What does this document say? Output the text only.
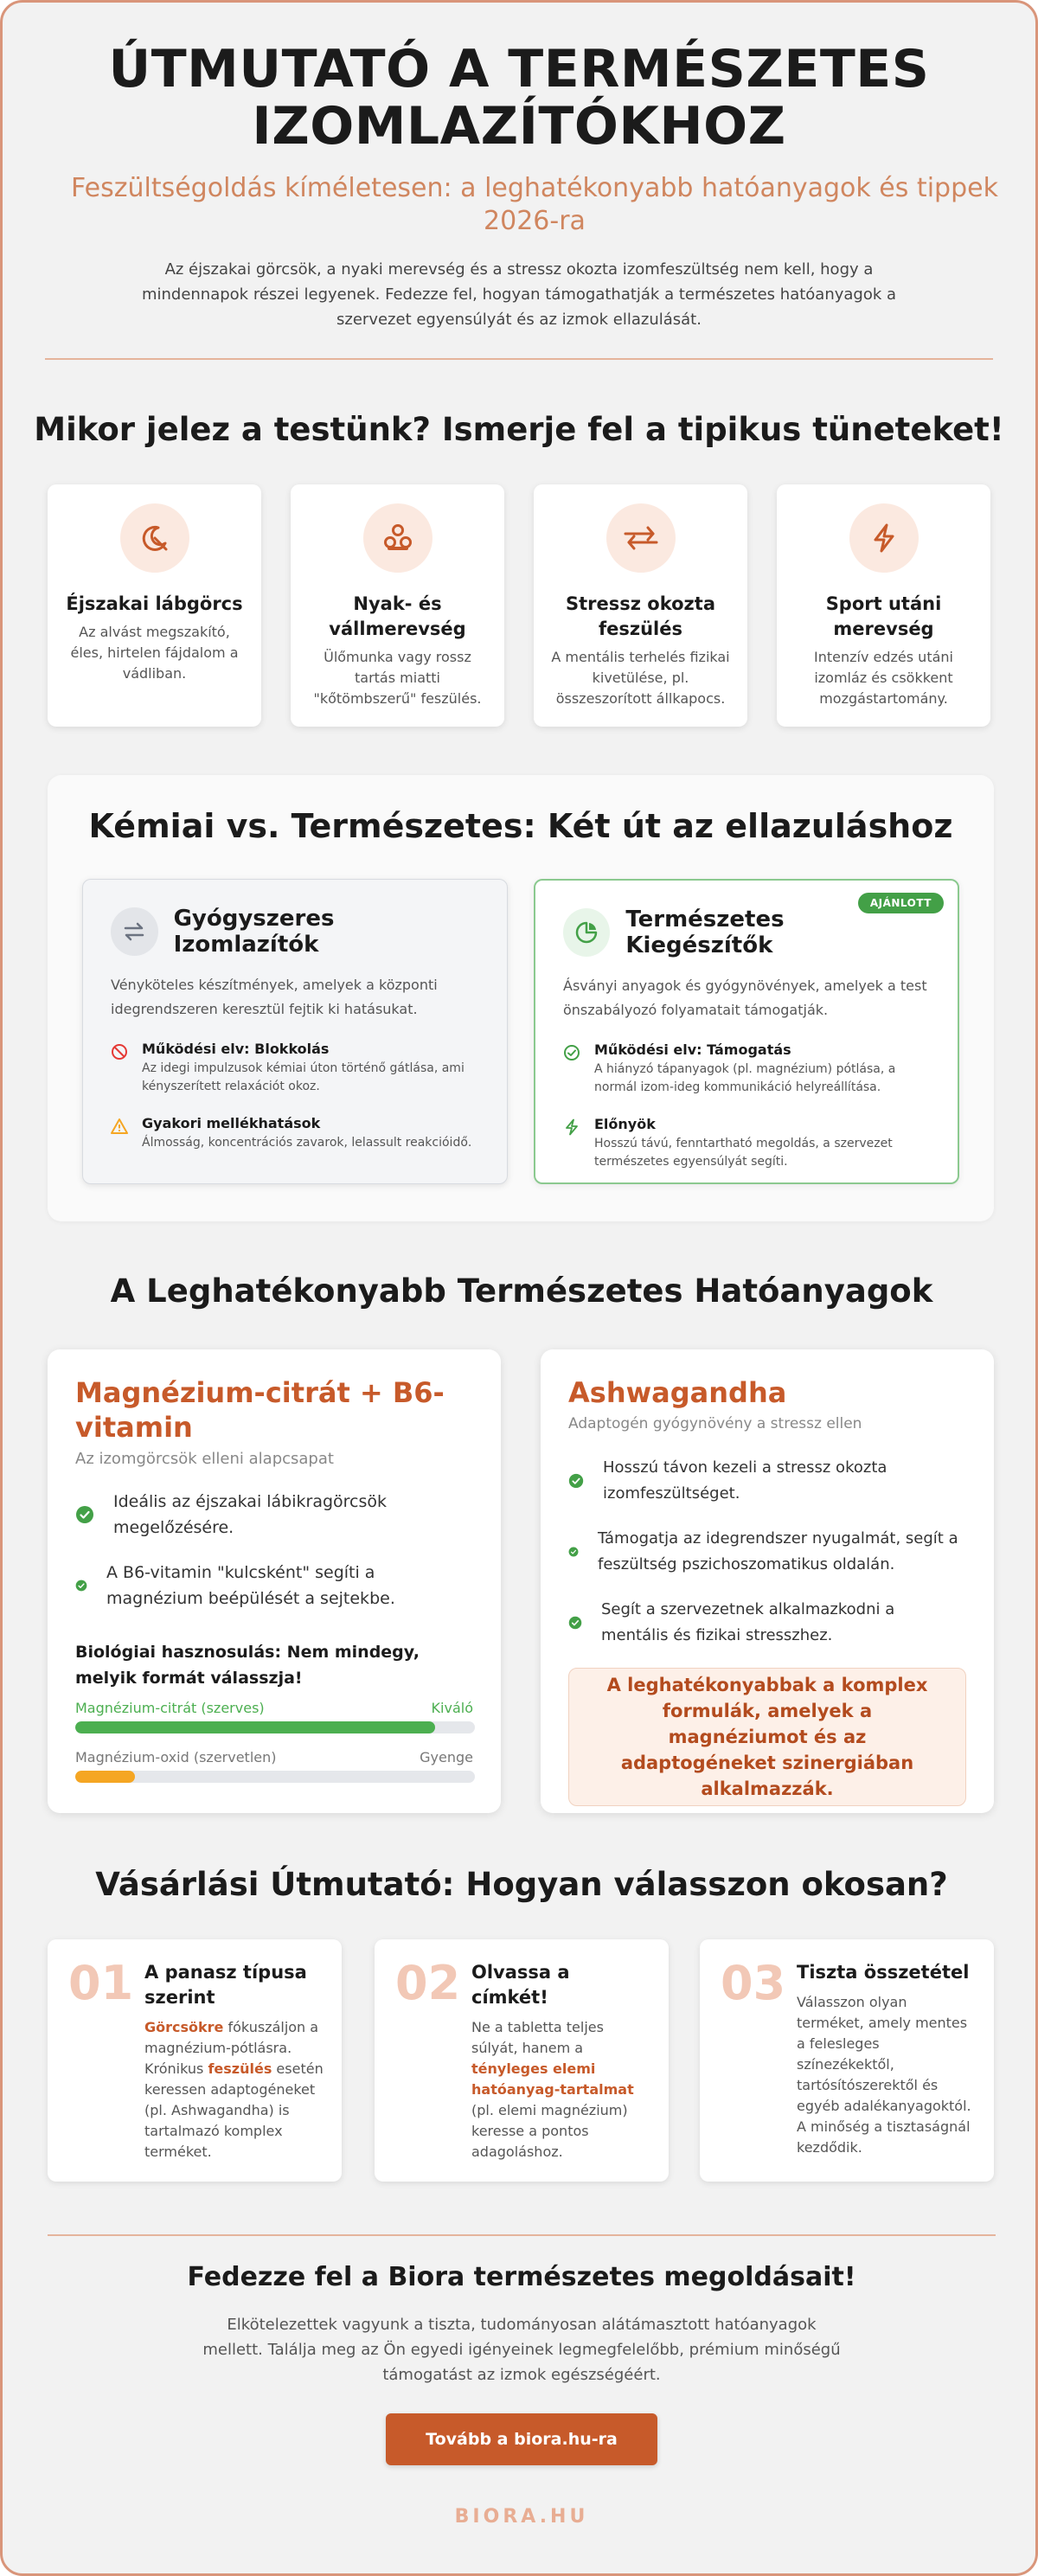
ÚTMUTATÓ A TERMÉSZETES IZOMLAZÍTÓKHOZ
Feszültségoldás kíméletesen: a leghatékonyabb hatóanyagok és tippek 2026-ra

Az éjszakai görcsök, a nyaki merevség és a stressz okozta izomfeszültség nem kell, hogy a mindennapok részei legyenek. Fedezze fel, hogyan támogathatják a természetes hatóanyagok a szervezet egyensúlyát és az izmok ellazulását.

Mikor jelez a testünk? Ismerje fel a tipikus tüneteket!
Éjszakai lábgörcs

Az alvást megszakító, éles, hirtelen fájdalom a vádliban.

Nyak- és vállmerevség

Ülőmunka vagy rossz tartás miatti "kőtömbszerű" feszülés.

Stressz okozta feszülés

A mentális terhelés fizikai kivetülése, pl. összeszorított állkapocs.

Sport utáni merevség

Intenzív edzés utáni izomláz és csökkent mozgástartomány.

Kémiai vs. Természetes: Két út az ellazuláshoz
Gyógyszeres Izomlazítók

Vényköteles készítmények, amelyek a központi idegrendszeren keresztül fejtik ki hatásukat.

Működési elv: Blokkolás

Az idegi impulzusok kémiai úton történő gátlása, ami kényszerített relaxációt okoz.

Gyakori mellékhatások

Álmosság, koncentrációs zavarok, lelassult reakcióidő.

AJÁNLOTT
Természetes Kiegészítők

Ásványi anyagok és gyógynövények, amelyek a test önszabályozó folyamatait támogatják.

Működési elv: Támogatás

A hiányzó tápanyagok (pl. magnézium) pótlása, a normál izom-ideg kommunikáció helyreállítása.

Előnyök

Hosszú távú, fenntartható megoldás, a szervezet természetes egyensúlyát segíti.

A Leghatékonyabb Természetes Hatóanyagok
Magnézium-citrát + B6-vitamin
Az izomgörcsök elleni alapcsapat
Ideális az éjszakai lábikragörcsök megelőzésére.
A B6-vitamin "kulcsként" segíti a magnézium beépülését a sejtekbe.
Biológiai hasznosulás: Nem mindegy, melyik formát válasszja!
Magnézium-citrát (szerves)	Kiváló
Magnézium-oxid (szervetlen)	Gyenge
Ashwagandha
Adaptogén gyógynövény a stressz ellen
Hosszú távon kezeli a stressz okozta izomfeszültséget.
Támogatja az idegrendszer nyugalmát, segít a feszültség pszichoszomatikus oldalán.
Segít a szervezetnek alkalmazkodni a mentális és fizikai stresszhez.
A leghatékonyabbak a komplex formulák, amelyek a magnéziumot és az adaptogéneket szinergiában alkalmazzák.
Vásárlási Útmutató: Hogyan válasszon okosan?
01 A panasz típusa szerint

Görcsökre fókuszáljon a magnézium-pótlásra. Krónikus feszülés esetén keressen adaptogéneket (pl. Ashwagandha) is tartalmazó komplex terméket.

02 Olvassa a címkét!

Ne a tabletta teljes súlyát, hanem a tényleges elemi hatóanyag-tartalmat (pl. elemi magnézium) keresse a pontos adagoláshoz.

03 Tiszta összetétel

Válasszon olyan terméket, amely mentes a felesleges színezékektől, tartósítószerektől és egyéb adalékanyagoktól. A minőség a tisztaságnál kezdődik.

Fedezze fel a Biora természetes megoldásait!

Elkötelezettek vagyunk a tiszta, tudományosan alátámasztott hatóanyagok mellett. Találja meg az Ön egyedi igényeinek legmegfelelőbb, prémium minőségű támogatást az izmok egészségéért.

Tovább a biora.hu-ra
BIORA.HU
